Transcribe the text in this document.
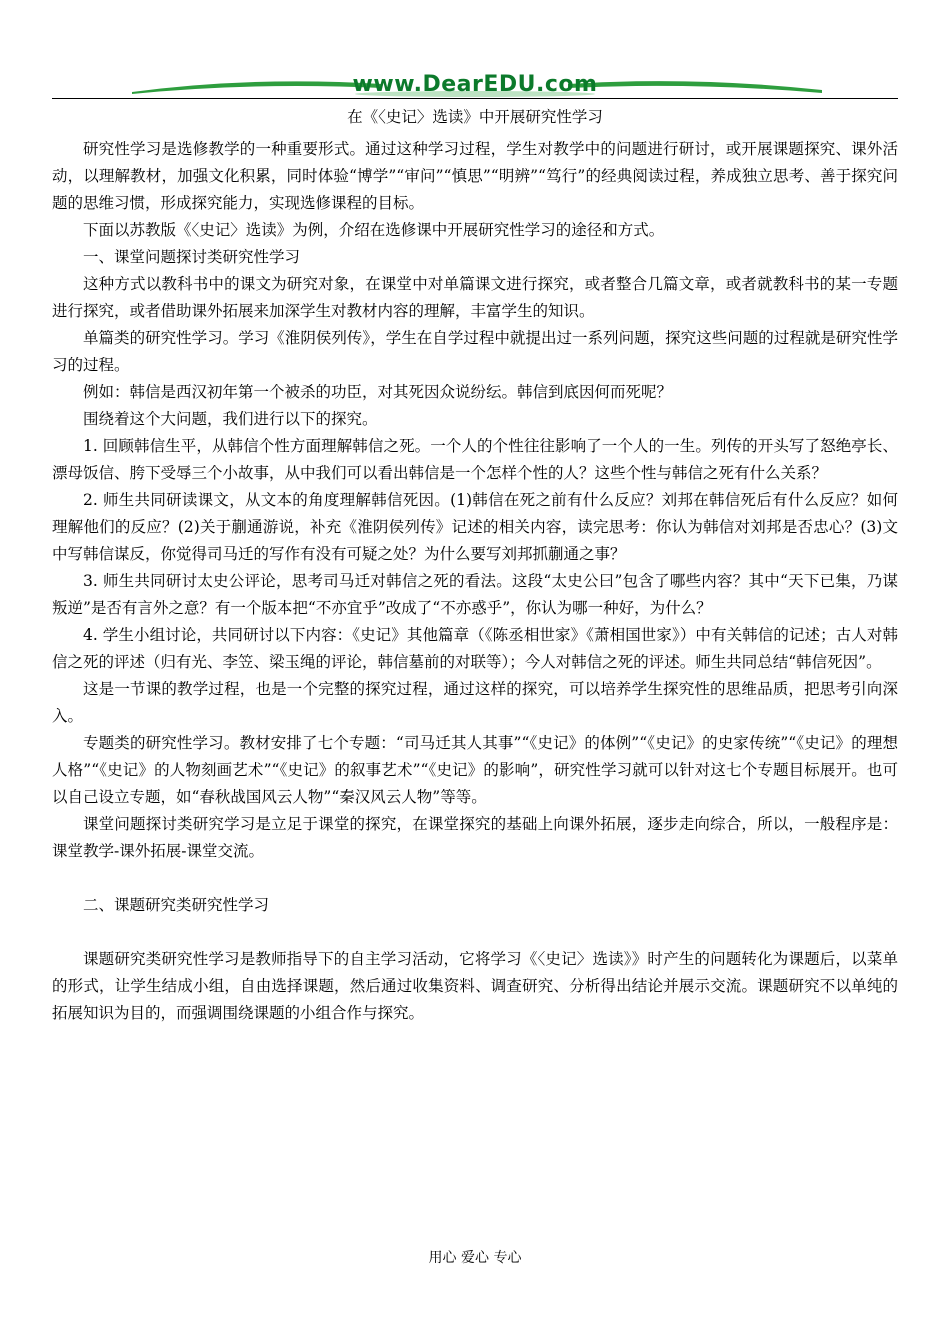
www.DearEDU.com
在《〈史记〉选读》中开展研究性学习

研究性学习是选修教学的一种重要形式。通过这种学习过程，学生对教学中的问题进行研讨，或开展课题探究、课外活动，以理解教材，加强文化积累，同时体验“博学”“审问”“慎思”“明辨”“笃行”的经典阅读过程，养成独立思考、善于探究问题的思维习惯，形成探究能力，实现选修课程的目标。

下面以苏教版《〈史记〉选读》为例，介绍在选修课中开展研究性学习的途径和方式。

一、课堂问题探讨类研究性学习

这种方式以教科书中的课文为研究对象，在课堂中对单篇课文进行探究，或者整合几篇文章，或者就教科书的某一专题进行探究，或者借助课外拓展来加深学生对教材内容的理解，丰富学生的知识。

单篇类的研究性学习。学习《淮阴侯列传》，学生在自学过程中就提出过一系列问题，探究这些问题的过程就是研究性学习的过程。

例如：韩信是西汉初年第一个被杀的功臣，对其死因众说纷纭。韩信到底因何而死呢？

围绕着这个大问题，我们进行以下的探究。

1. 回顾韩信生平，从韩信个性方面理解韩信之死。一个人的个性往往影响了一个人的一生。列传的开头写了怒绝亭长、漂母饭信、胯下受辱三个小故事，从中我们可以看出韩信是一个怎样个性的人？这些个性与韩信之死有什么关系？

2. 师生共同研读课文，从文本的角度理解韩信死因。(1)韩信在死之前有什么反应？刘邦在韩信死后有什么反应？如何理解他们的反应？(2)关于蒯通游说，补充《淮阴侯列传》记述的相关内容，读完思考：你认为韩信对刘邦是否忠心？(3)文中写韩信谋反，你觉得司马迁的写作有没有可疑之处？为什么要写刘邦抓蒯通之事？

3. 师生共同研讨太史公评论，思考司马迁对韩信之死的看法。这段“太史公曰”包含了哪些内容？其中“天下已集，乃谋叛逆”是否有言外之意？有一个版本把“不亦宜乎”改成了“不亦惑乎”，你认为哪一种好，为什么？

4. 学生小组讨论，共同研讨以下内容：《史记》其他篇章（《陈丞相世家》《萧相国世家》）中有关韩信的记述；古人对韩信之死的评述（归有光、李笠、梁玉绳的评论，韩信墓前的对联等）；今人对韩信之死的评述。师生共同总结“韩信死因”。

这是一节课的教学过程，也是一个完整的探究过程，通过这样的探究，可以培养学生探究性的思维品质，把思考引向深入。

专题类的研究性学习。教材安排了七个专题：“司马迁其人其事”“《史记》的体例”“《史记》的史家传统”“《史记》的理想人格”“《史记》的人物刻画艺术”“《史记》的叙事艺术”“《史记》的影响”，研究性学习就可以针对这七个专题目标展开。也可以自己设立专题，如“春秋战国风云人物”“秦汉风云人物”等等。

课堂问题探讨类研究学习是立足于课堂的探究，在课堂探究的基础上向课外拓展，逐步走向综合，所以，一般程序是：课堂教学-课外拓展-课堂交流。

二、课题研究类研究性学习

课题研究类研究性学习是教师指导下的自主学习活动，它将学习《〈史记〉选读》》时产生的问题转化为课题后，以菜单的形式，让学生结成小组，自由选择课题，然后通过收集资料、调查研究、分析得出结论并展示交流。课题研究不以单纯的拓展知识为目的，而强调围绕课题的小组合作与探究。

用心 爱心 专心
